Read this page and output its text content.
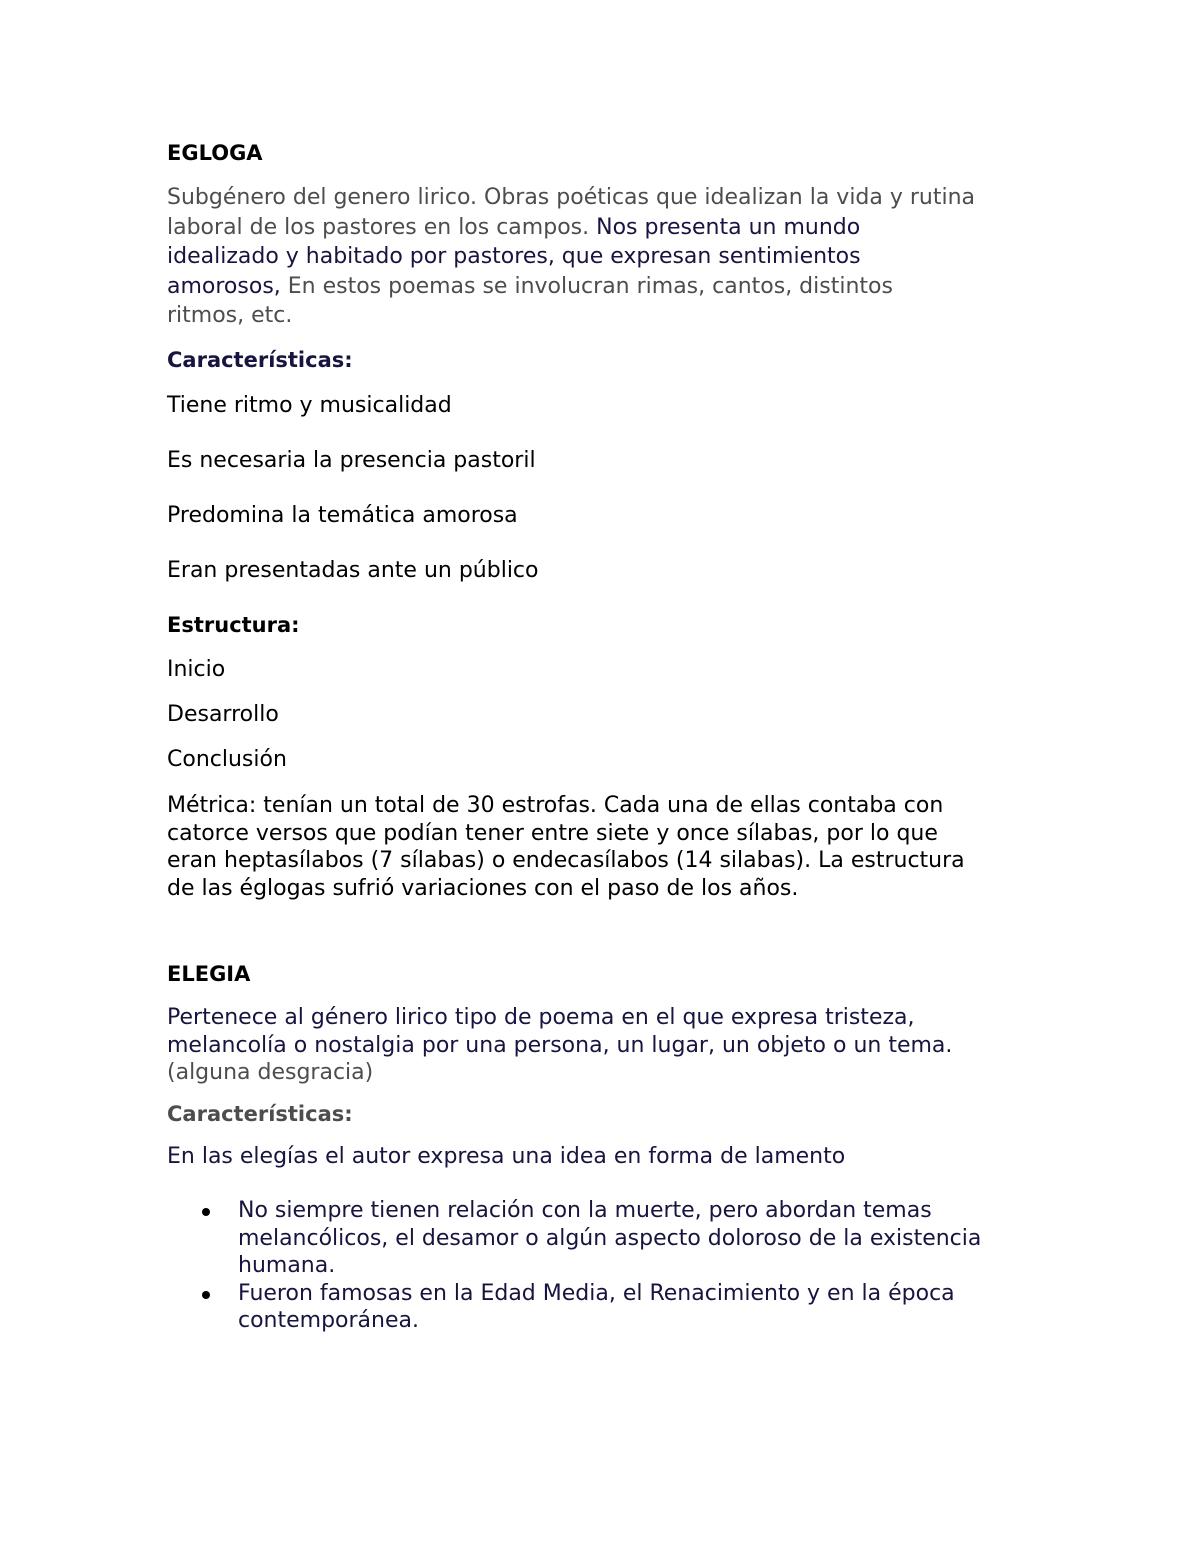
EGLOGA
Subgénero del genero lirico. Obras poéticas que idealizan la vida y rutina
laboral de los pastores en los campos. Nos presenta un mundo
idealizado y habitado por pastores, que expresan sentimientos
amorosos, En estos poemas se involucran rimas, cantos, distintos
ritmos, etc.
Características:
Tiene ritmo y musicalidad
Es necesaria la presencia pastoril
Predomina la temática amorosa
Eran presentadas ante un público
Estructura:
Inicio
Desarrollo
Conclusión
Métrica: tenían un total de 30 estrofas. Cada una de ellas contaba con
catorce versos que podían tener entre siete y once sílabas, por lo que
eran heptasílabos (7 sílabas) o endecasílabos (14 silabas). La estructura
de las églogas sufrió variaciones con el paso de los años.
ELEGIA
Pertenece al género lirico tipo de poema en el que expresa tristeza,
melancolía o nostalgia por una persona, un lugar, un objeto o un tema.
(alguna desgracia)
Características:
En las elegías el autor expresa una idea en forma de lamento
No siempre tienen relación con la muerte, pero abordan temas
melancólicos, el desamor o algún aspecto doloroso de la existencia
humana.
Fueron famosas en la Edad Media, el Renacimiento y en la época
contemporánea.
